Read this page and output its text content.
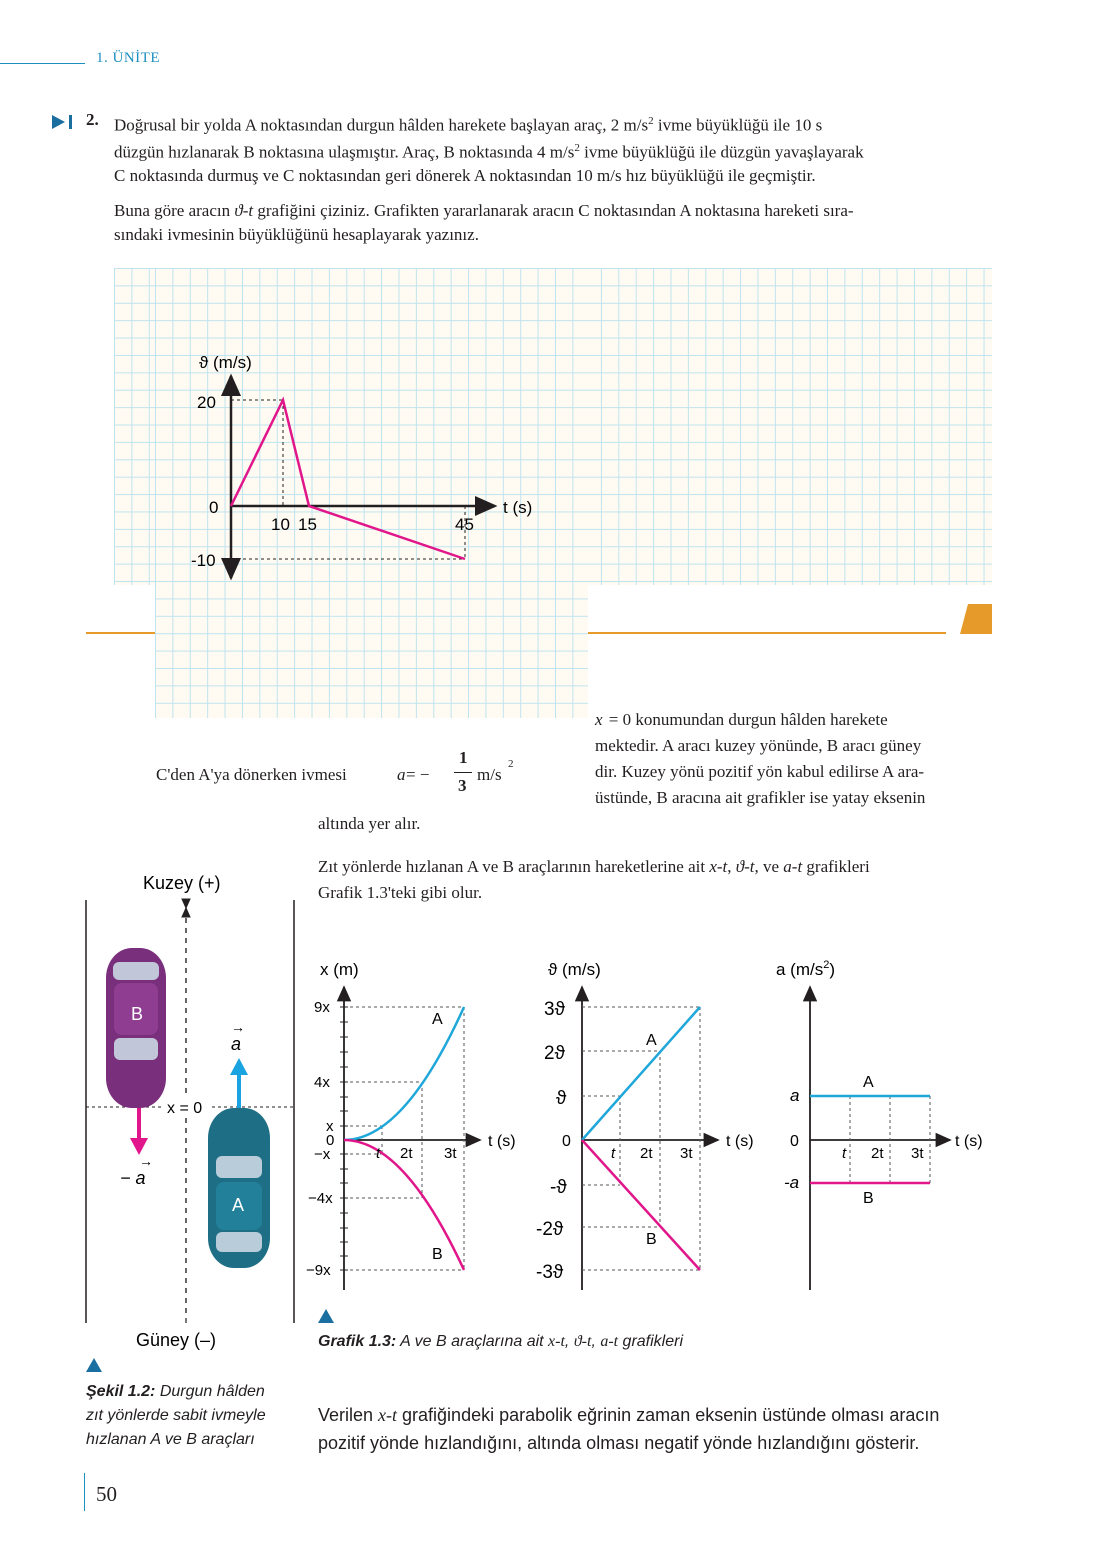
1. ÜNİTE
2. Doğrusal bir yolda A noktasından durgun hâlden harekete başlayan araç, 2 $m/s^2$ ivme büyüklüğü ile 10 s
düzgün hızlanarak B noktasına ulaşmıştır. Araç, B noktasında 4 $m/s^2$ ivme büyüklüğü ile düzgün yavaşlayarak
C noktasında durmuş ve C noktasından geri dönerek A noktasından 10 m/s hız büyüklüğü ile geçmiştir.
Buna göre aracın ϑ-t grafiğini çiziniz. Grafikten yararlanarak aracın C noktasından A noktasına hareketi sıra-
sındaki ivmesinin büyüklüğünü hesaplayarak yazınız.
ϑ (m/s)
t (s)
20
0
-10
10 15	45
C'den A'ya dönerken ivmesi	a = −
1
3
m/s
2
x = 0 konumundan durgun hâlden harekete
mektedir. A aracı kuzey yönünde, B aracı güney
dir. Kuzey yönü pozitif yön kabul edilirse A ara-
üstünde, B aracına ait grafikler ise yatay eksenin
altında yer alır.
Zıt yönlerde hızlanan A ve B araçlarının hareketlerine ait x-t, ϑ-t, ve a-t grafikleri
Grafik 1.3'teki gibi olur.
Kuzey (+)
Güney (–)
x = 0
B
A
a
→
− a
→
Şekil 1.2: Durgun hâlden
zıt yönlerde sabit ivmeyle
hızlanan A ve B araçları
x (m)
9x
4x
x
0
−x
−4x
−9x
t 2t 3t
t (s)
A
B
ϑ (m/s)
3ϑ
2ϑ
ϑ
0
-ϑ
-2ϑ
-3ϑ
t 2t 3t
t (s)
A
B
a $(m/s^2)$
a
0
-a
t 2t 3t
t (s)
A
B
Grafik 1.3: A ve B araçlarına ait x-t, ϑ-t, a-t grafikleri
Verilen x-t grafiğindeki parabolik eğrinin zaman eksenin üstünde olması aracın
pozitif yönde hızlandığını, altında olması negatif yönde hızlandığını gösterir.
50
